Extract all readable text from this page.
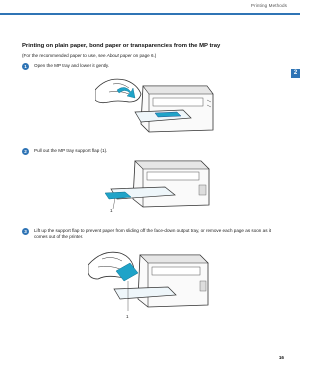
Printing Methods
2
Printing on plain paper, bond paper or transparencies from the MP tray
(For the recommended paper to use, see About paper on page 6.)
1	Open the MP tray and lower it gently.
2	Pull out the MP tray support flap (1).
1
3	Lift up the support flap to prevent paper from sliding off the face-down output tray, or remove each page as soon as it comes out of the printer.
1
16
